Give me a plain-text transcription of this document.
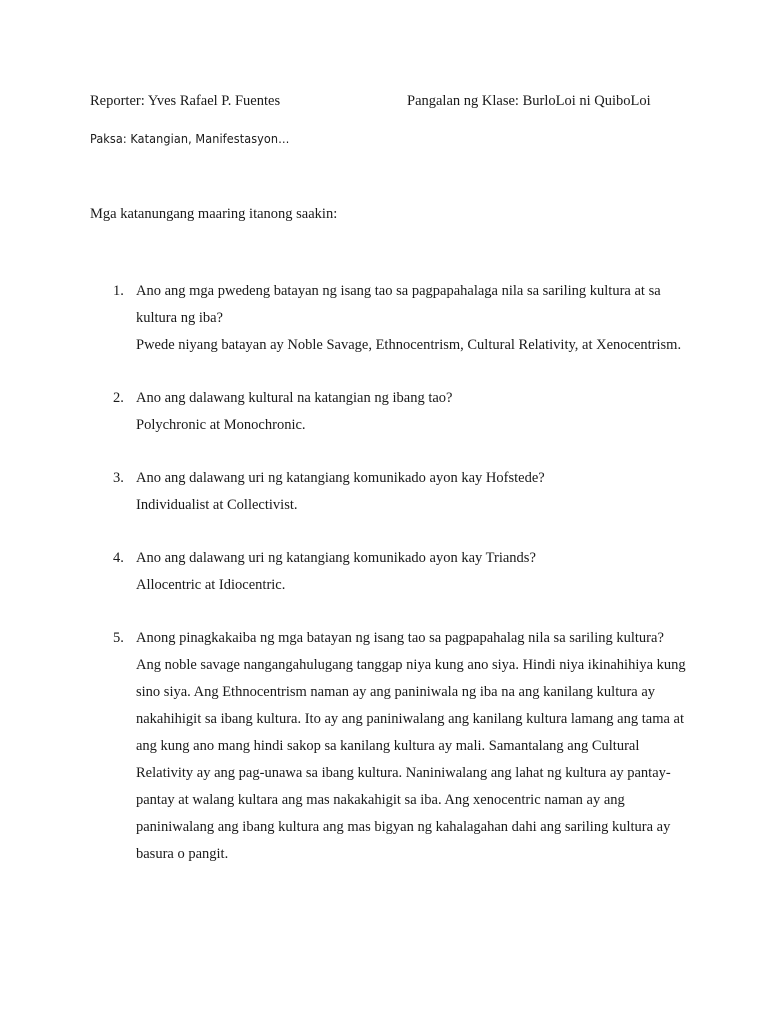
Reporter: Yves Rafael P. Fuentes	Pangalan ng Klase: BurloLoi ni QuiboLoi
Paksa: Katangian, Manifestasyon…
Mga katanungang maaring itanong saakin:
1. Ano ang mga pwedeng batayan ng isang tao sa pagpapahalaga nila sa sariling kultura at sa kultura ng iba?
Pwede niyang batayan ay Noble Savage, Ethnocentrism, Cultural Relativity, at Xenocentrism.
2. Ano ang dalawang kultural na katangian ng ibang tao?
Polychronic at Monochronic.
3. Ano ang dalawang uri ng katangiang komunikado ayon kay Hofstede?
Individualist at Collectivist.
4. Ano ang dalawang uri ng katangiang komunikado ayon kay Triands?
Allocentric at Idiocentric.
5. Anong pinagkakaiba ng mga batayan ng isang tao sa pagpapahalag nila sa sariling kultura?
Ang noble savage nangangahulugang tanggap niya kung ano siya. Hindi niya ikinahihiya kung sino siya. Ang Ethnocentrism naman ay ang paniniwala ng iba na ang kanilang kultura ay nakahihigit sa ibang kultura. Ito ay ang paniniwalang ang kanilang kultura lamang ang tama at ang kung ano mang hindi sakop sa kanilang kultura ay mali. Samantalang ang Cultural Relativity ay ang pag-unawa sa ibang kultura. Naniniwalang ang lahat ng kultura ay pantay-pantay at walang kultara ang mas nakakahigit sa iba. Ang xenocentric naman ay ang paniniwalang ang ibang kultura ang mas bigyan ng kahalagahan dahi ang sariling kultura ay basura o pangit.
